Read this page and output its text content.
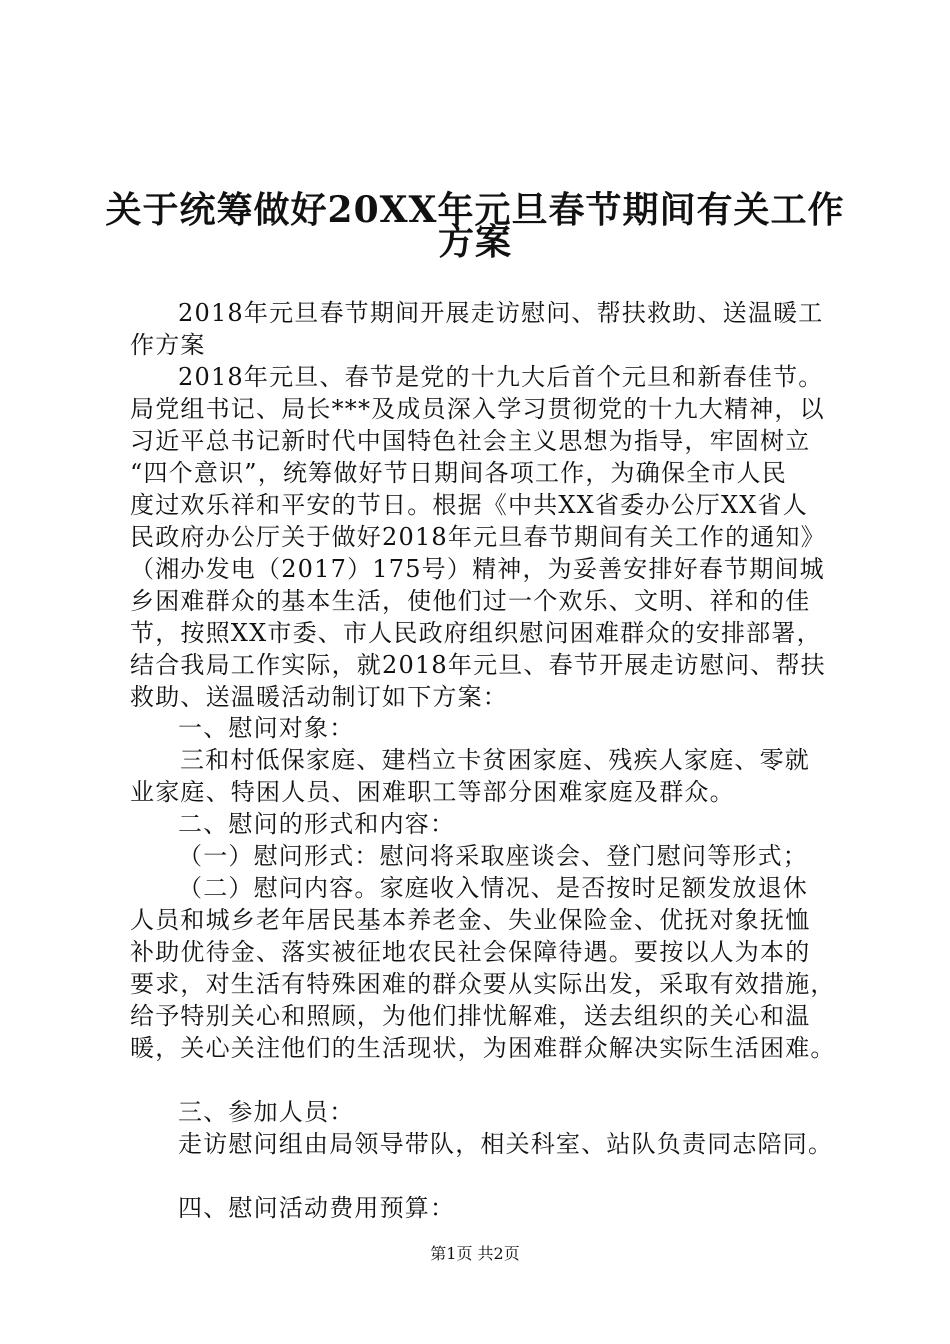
关于统筹做好20XX年元旦春节期间有关工作
方案
2018年元旦春节期间开展走访慰问、帮扶救助、送温暖工
作方案
2018年元旦、春节是党的十九大后首个元旦和新春佳节。
局党组书记、局长***及成员深入学习贯彻党的十九大精神，以
习近平总书记新时代中国特色社会主义思想为指导，牢固树立
“四个意识”，统筹做好节日期间各项工作，为确保全市人民
度过欢乐祥和平安的节日。根据《中共XX省委办公厅XX省人
民政府办公厅关于做好2018年元旦春节期间有关工作的通知》
（湘办发电（2017）175号）精神，为妥善安排好春节期间城
乡困难群众的基本生活，使他们过一个欢乐、文明、祥和的佳
节，按照XX市委、市人民政府组织慰问困难群众的安排部署，
结合我局工作实际，就2018年元旦、春节开展走访慰问、帮扶
救助、送温暖活动制订如下方案：
一、慰问对象：
三和村低保家庭、建档立卡贫困家庭、残疾人家庭、零就
业家庭、特困人员、困难职工等部分困难家庭及群众。
二、慰问的形式和内容：
（一）慰问形式：慰问将采取座谈会、登门慰问等形式；
（二）慰问内容。家庭收入情况、是否按时足额发放退休
人员和城乡老年居民基本养老金、失业保险金、优抚对象抚恤
补助优待金、落实被征地农民社会保障待遇。要按以人为本的
要求，对生活有特殊困难的群众要从实际出发，采取有效措施，
给予特别关心和照顾，为他们排忧解难，送去组织的关心和温
暖，关心关注他们的生活现状，为困难群众解决实际生活困难。
三、参加人员：
走访慰问组由局领导带队，相关科室、站队负责同志陪同。
四、慰问活动费用预算：
第1页 共2页
